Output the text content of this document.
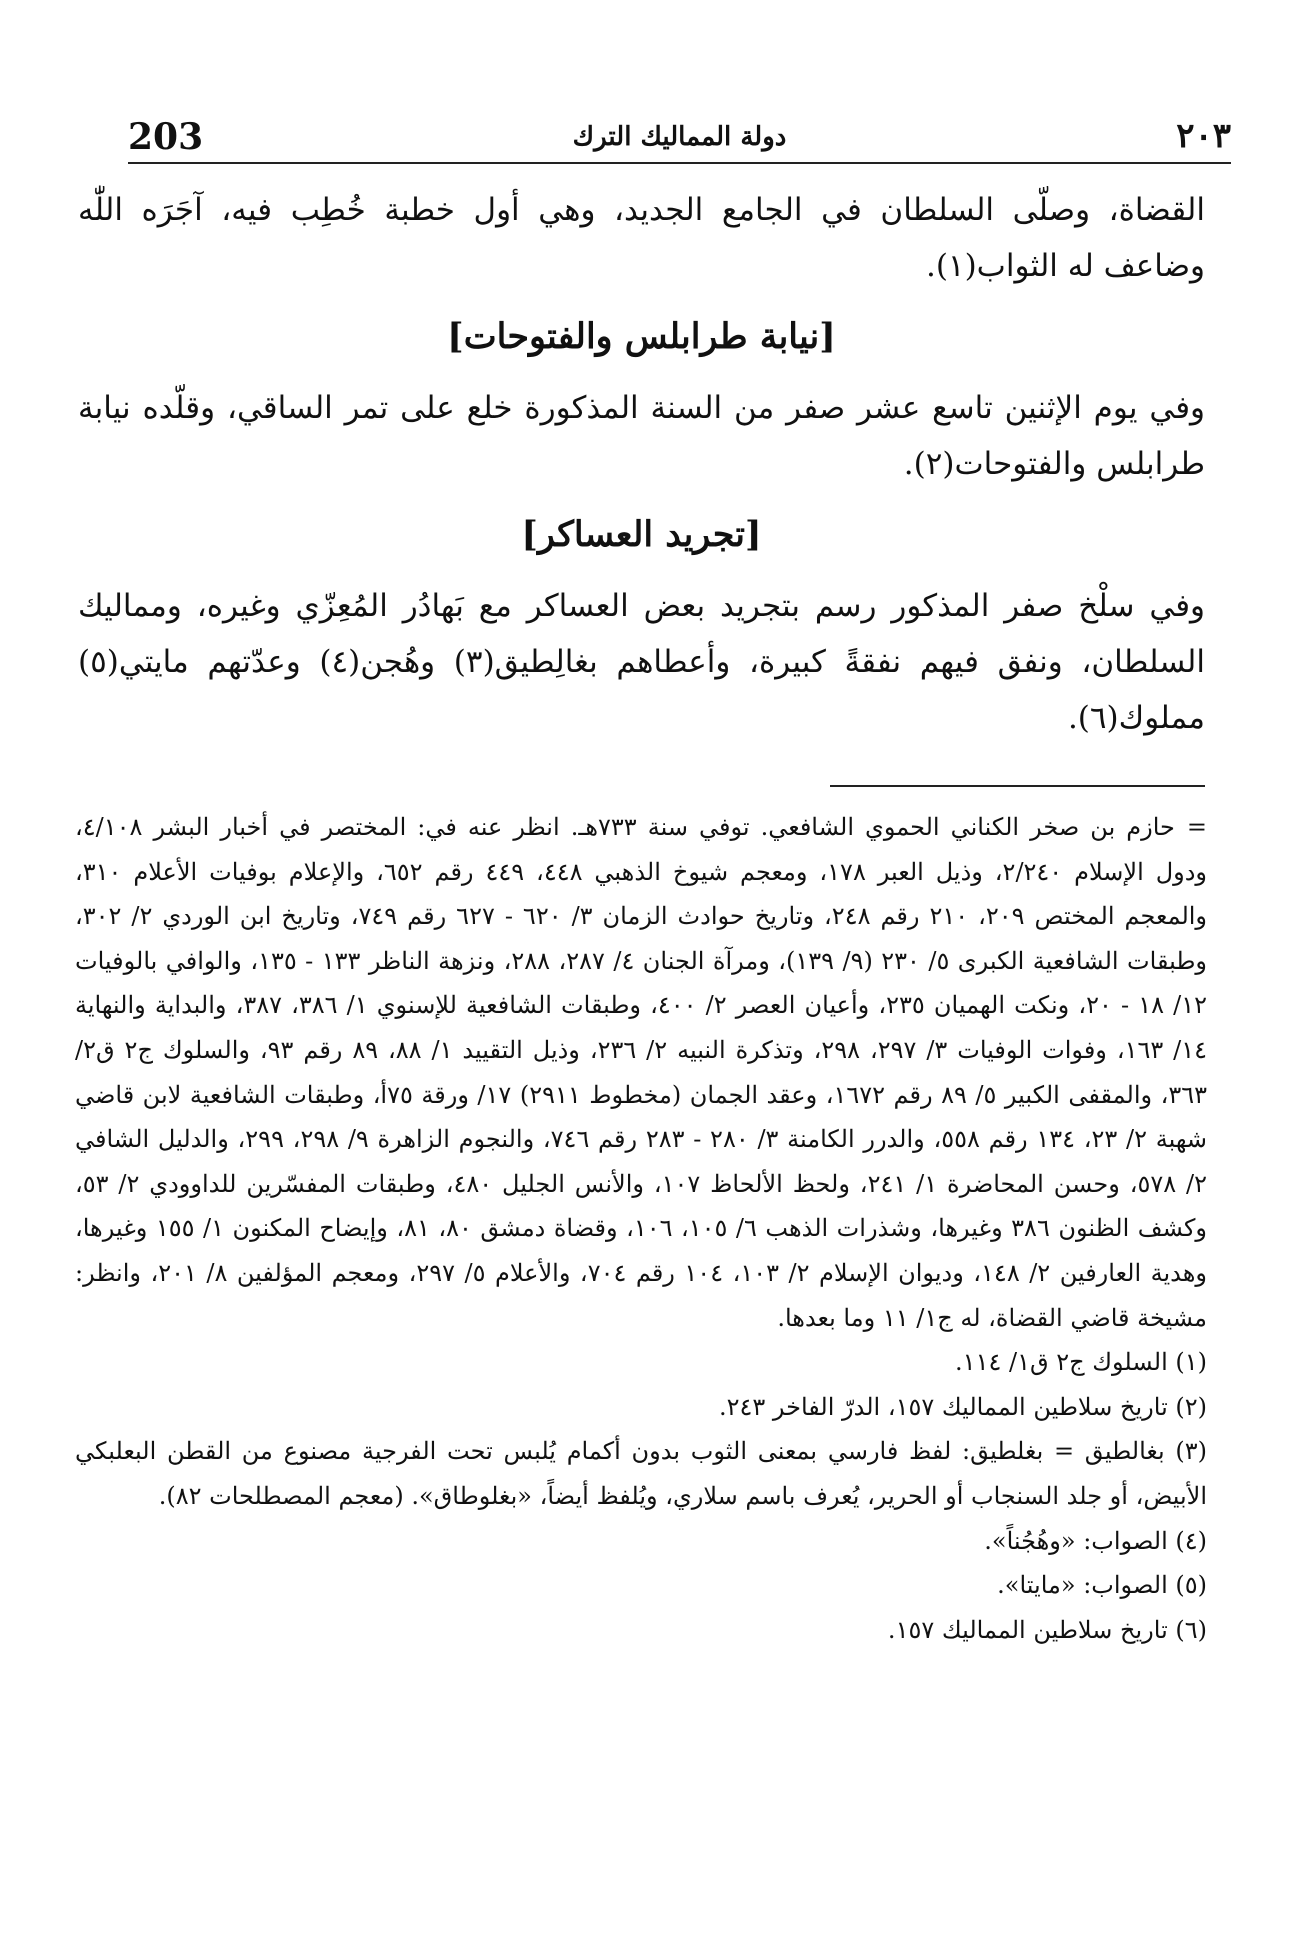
203	دولة المماليك الترك	٢٠٣

القضاة، وصلّى السلطان في الجامع الجديد، وهي أول خطبة خُطِب فيه، آجَرَه اللّٰه وضاعف له الثواب(١).

[نيابة طرابلس والفتوحات]

وفي يوم الإثنين تاسع عشر صفر من السنة المذكورة خلع على تمر الساقي، وقلّده نيابة طرابلس والفتوحات(٢).

[تجريد العساكر]

وفي سلْخ صفر المذكور رسم بتجريد بعض العساكر مع بَهادُر المُعِزّي وغيره، ومماليك السلطان، ونفق فيهم نفقةً كبيرة، وأعطاهم بغالِطيق(٣) وهُجن(٤) وعدّتهم مايتي(٥) مملوك(٦).

=حازم بن صخر الكناني الحموي الشافعي. توفي سنة ٧٣٣هـ. انظر عنه في: المختصر في أخبار البشر ٤/١٠٨، ودول الإسلام ٢/٢٤٠، وذيل العبر ١٧٨، ومعجم شيوخ الذهبي ٤٤٨، ٤٤٩ رقم ٦٥٢، والإعلام بوفيات الأعلام ٣١٠، والمعجم المختص ٢٠٩، ٢١٠ رقم ٢٤٨، وتاريخ حوادث الزمان ٣/ ٦٢٠ - ٦٢٧ رقم ٧٤٩، وتاريخ ابن الوردي ٢/ ٣٠٢، وطبقات الشافعية الكبرى ٥/ ٢٣٠ (٩/ ١٣٩)، ومرآة الجنان ٤/ ٢٨٧، ٢٨٨، ونزهة الناظر ١٣٣ - ١٣٥، والوافي بالوفيات ١٢/ ١٨ - ٢٠، ونكت الهميان ٢٣٥، وأعيان العصر ٢/ ٤٠٠، وطبقات الشافعية للإسنوي ١/ ٣٨٦، ٣٨٧، والبداية والنهاية ١٤/ ١٦٣، وفوات الوفيات ٣/ ٢٩٧، ٢٩٨، وتذكرة النبيه ٢/ ٢٣٦، وذيل التقييد ١/ ٨٨، ٨٩ رقم ٩٣، والسلوك ج٢ ق٢/ ٣٦٣، والمقفى الكبير ٥/ ٨٩ رقم ١٦٧٢، وعقد الجمان (مخطوط ٢٩١١) ١٧/ ورقة ٧٥أ، وطبقات الشافعية لابن قاضي شهبة ٢/ ٢٣، ١٣٤ رقم ٥٥٨، والدرر الكامنة ٣/ ٢٨٠ - ٢٨٣ رقم ٧٤٦، والنجوم الزاهرة ٩/ ٢٩٨، ٢٩٩، والدليل الشافي ٢/ ٥٧٨، وحسن المحاضرة ١/ ٢٤١، ولحظ الألحاظ ١٠٧، والأنس الجليل ٤٨٠، وطبقات المفسّرين للداوودي ٢/ ٥٣، وكشف الظنون ٣٨٦ وغيرها، وشذرات الذهب ٦/ ١٠٥، ١٠٦، وقضاة دمشق ٨٠، ٨١، وإيضاح المكنون ١/ ١٥٥ وغيرها، وهدية العارفين ٢/ ١٤٨، وديوان الإسلام ٢/ ١٠٣، ١٠٤ رقم ٧٠٤، والأعلام ٥/ ٢٩٧، ومعجم المؤلفين ٨/ ٢٠١، وانظر: مشيخة قاضي القضاة، له ج١/ ١١ وما بعدها.

(١) السلوك ج٢ ق١/ ١١٤.

(٢) تاريخ سلاطين المماليك ١٥٧، الدرّ الفاخر ٢٤٣.

(٣) بغالطيق = بغلطيق: لفظ فارسي بمعنى الثوب بدون أكمام يُلبس تحت الفرجية مصنوع من القطن البعلبكي الأبيض، أو جلد السنجاب أو الحرير، يُعرف باسم سلاري، ويُلفظ أيضاً، «بغلوطاق». (معجم المصطلحات ٨٢).

(٤) الصواب: «وهُجُناً».

(٥) الصواب: «مايتا».

(٦) تاريخ سلاطين المماليك ١٥٧.
